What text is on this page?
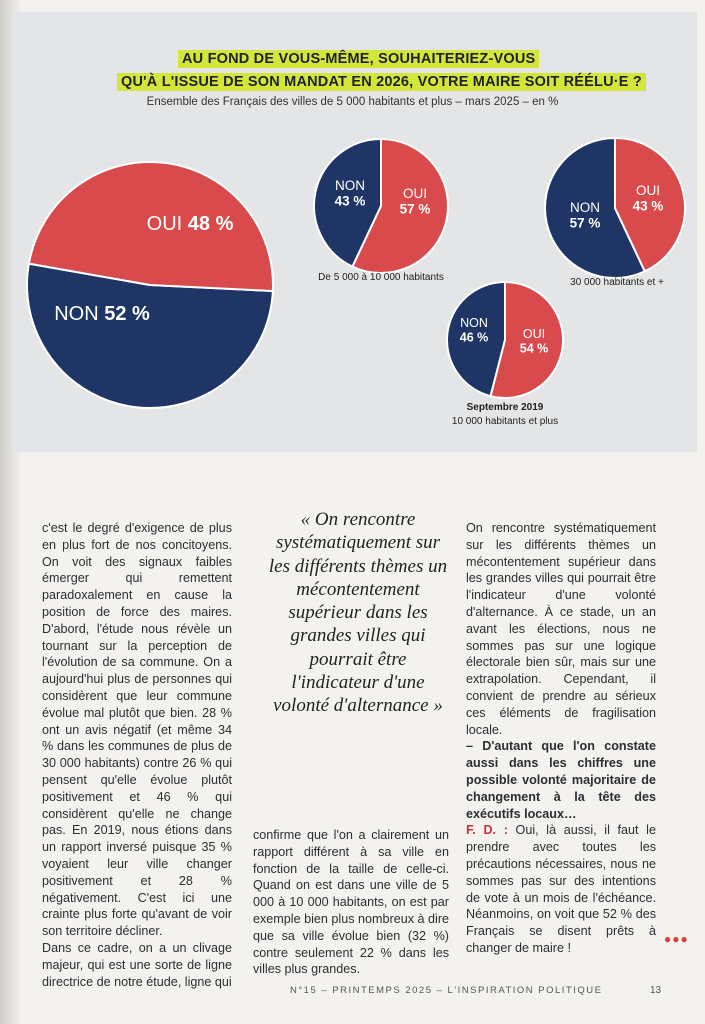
AU FOND DE VOUS-MÊME, SOUHAITERIEZ-VOUS
QU'À L'ISSUE DE SON MANDAT EN 2026, VOTRE MAIRE SOIT RÉÉLU·E ?
Ensemble des Français des villes de 5 000 habitants et plus – mars 2025 – en %
OUI 48 %
NON 52 %
OUI
57 %
NON
43 %
De 5 000 à 10 000 habitants
OUI
43 %
NON
57 %
30 000 habitants et +
OUI
54 %
NON
46 %
Septembre 2019
10 000 habitants et plus

c'est le degré d'exigence de plus en plus fort de nos concitoyens. On voit des signaux faibles émerger qui remettent paradoxalement en cause la position de force des maires. D'abord, l'étude nous révèle un tournant sur la perception de l'évolution de sa commune. On a aujourd'hui plus de personnes qui considèrent que leur commune évolue mal plutôt que bien. 28 % ont un avis négatif (et même 34 % dans les communes de plus de 30 000 habitants) contre 26 % qui pensent qu'elle évolue plutôt positivement et 46 % qui considèrent qu'elle ne change pas. En 2019, nous étions dans un rapport inversé puisque 35 % voyaient leur ville changer positivement et 28 % négativement. C'est ici une crainte plus forte qu'avant de voir son territoire décliner.

Dans ce cadre, on a un clivage majeur, qui est une sorte de ligne directrice de notre étude, ligne qui

« On rencontre systématiquement sur les différents thèmes un mécontentement supérieur dans les grandes villes qui pourrait être l'indicateur d'une volonté d'alternance »

confirme que l'on a clairement un rapport différent à sa ville en fonction de la taille de celle-ci. Quand on est dans une ville de 5 000 à 10 000 habitants, on est par exemple bien plus nombreux à dire que sa ville évolue bien (32 %) contre seulement 22 % dans les villes plus grandes.

On rencontre systématiquement sur les différents thèmes un mécontentement supérieur dans les grandes villes qui pourrait être l'indicateur d'une volonté d'alternance. À ce stade, un an avant les élections, nous ne sommes pas sur une logique électorale bien sûr, mais sur une extrapolation. Cependant, il convient de prendre au sérieux ces éléments de fragilisation locale.

– D'autant que l'on constate aussi dans les chiffres une possible volonté majoritaire de changement à la tête des exécutifs locaux…

F. D. : Oui, là aussi, il faut le prendre avec toutes les précautions nécessaires, nous ne sommes pas sur des intentions de vote à un mois de l'échéance. Néanmoins, on voit que 52 % des Français se disent prêts à changer de maire !

●●●
N°15 – PRINTEMPS 2025 – L'INSPIRATION POLITIQUE	13
